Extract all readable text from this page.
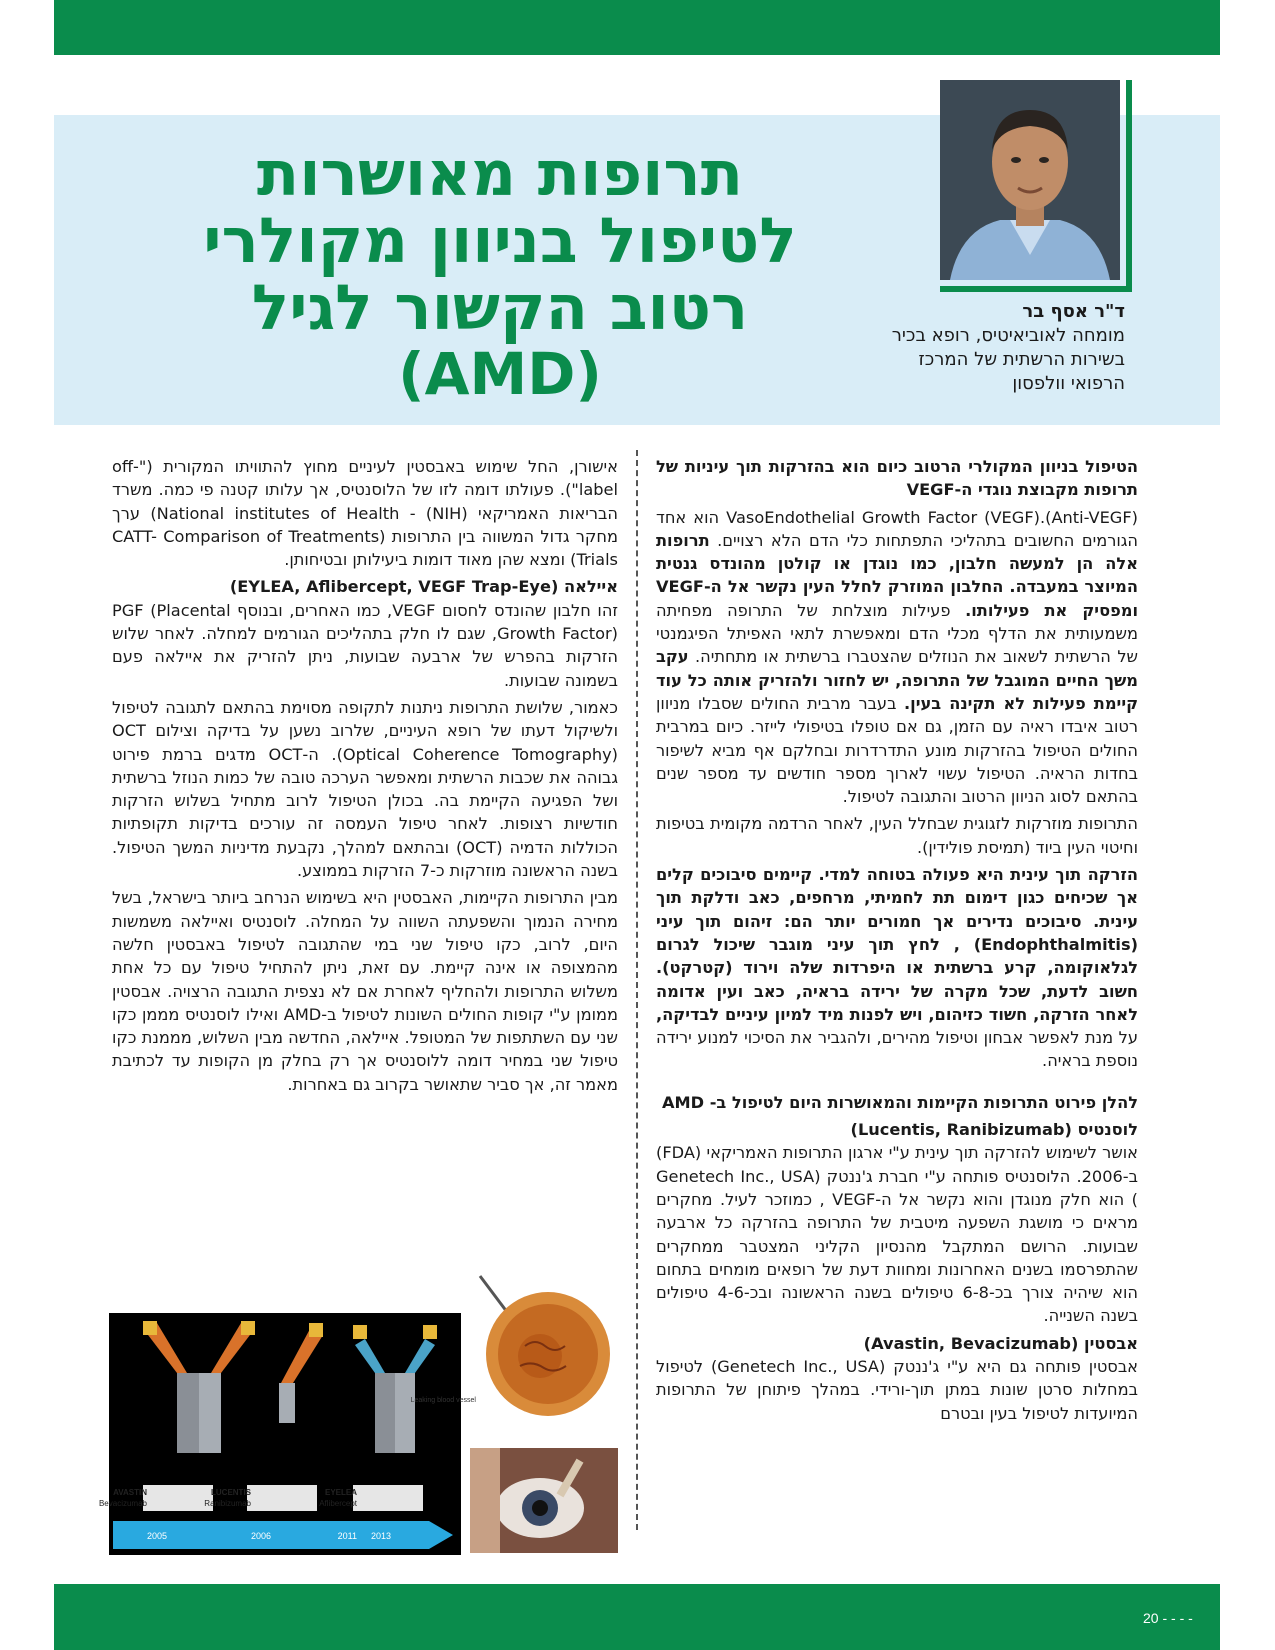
תרופות מאושרות
לטיפול בניוון מקולרי
רטוב הקשור לגיל
(AMD)
ד"ר אסף בר
מומחה לאוביאיטיס, רופא בכיר
בשירות הרשתית של המרכז
הרפואי וולפסון

הטיפול בניוון המקולרי הרטוב כיום הוא בהזרקות תוך עיניות של תרופות מקבוצת נוגדי ה-VEGF

(Anti-VEGF).VasoEndothelial Growth Factor (VEGF) הוא אחד הגורמים החשובים בתהליכי התפתחות כלי הדם הלא רצויים. תרופות אלה הן למעשה חלבון, כמו נוגדן או קולטן מהונדס גנטית המיוצר במעבדה. החלבון המוזרק לחלל העין נקשר אל ה-VEGF ומפסיק את פעילותו. פעילות מוצלחת של התרופה מפחיתה משמעותית את הדלף מכלי הדם ומאפשרת לתאי האפיתל הפיגמנטי של הרשתית לשאוב את הנוזלים שהצטברו ברשתית או מתחתיה. עקב משך החיים המוגבל של התרופה, יש לחזור ולהזריק אותה כל עוד קיימת פעילות לא תקינה בעין. בעבר מרבית החולים שסבלו מניוון רטוב איבדו ראיה עם הזמן, גם אם טופלו בטיפולי לייזר. כיום במרבית החולים הטיפול בהזרקות מונע התדרדרות ובחלקם אף מביא לשיפור בחדות הראיה. הטיפול עשוי לארוך מספר חודשים עד מספר שנים בהתאם לסוג הניוון הרטוב והתגובה לטיפול.

התרופות מוזרקות לזגוגית שבחלל העין, לאחר הרדמה מקומית בטיפות וחיטוי העין ביוד (תמיסת פולידין).

הזרקה תוך עינית היא פעולה בטוחה למדי. קיימים סיבוכים קלים אך שכיחים כגון דימום תת לחמיתי, מרחפים, כאב ודלקת תוך עינית. סיבוכים נדירים אך חמורים יותר הם: זיהום תוך עיני (Endophthalmitis) , לחץ תוך עיני מוגבר שיכול לגרום לגלאוקומה, קרע ברשתית או היפרדות שלה וירוד (קטרקט). חשוב לדעת, שכל מקרה של ירידה בראיה, כאב ועין אדומה לאחר הזרקה, חשוד כזיהום, ויש לפנות מיד למיון עיניים לבדיקה, על מנת לאפשר אבחון וטיפול מהירים, ולהגביר את הסיכוי למנוע ירידה נוספת בראיה.

להלן פירוט התרופות הקיימות והמאושרות היום לטיפול ב- AMD

לוסנטיס (Lucentis, Ranibizumab)

אושר לשימוש להזרקה תוך עינית ע"י ארגון התרופות האמריקאי (FDA) ב-2006. הלוסנטיס פותחה ע"י חברת ג'ננטק (Genetech Inc., USA ) הוא חלק מנוגדן והוא נקשר אל ה-VEGF , כמוזכר לעיל. מחקרים מראים כי מושגת השפעה מיטבית של התרופה בהזרקה כל ארבעה שבועות. הרושם המתקבל מהנסיון הקליני המצטבר ממחקרים שהתפרסמו בשנים האחרונות ומחוות דעת של רופאים מומחים בתחום הוא שיהיה צורך בכ-6-8 טיפולים בשנה הראשונה ובכ-4-6 טיפולים בשנה השנייה.

אבסטין (Avastin, Bevacizumab)

אבסטין פותחה גם היא ע"י ג'ננטק (Genetech Inc., USA) לטיפול במחלות סרטן שונות במתן תוך-ורידי. במהלך פיתוחן של התרופות המיועדות לטיפול בעין ובטרם

אישורן, החל שימוש באבסטין לעיניים מחוץ להתוויתו המקורית ("off- label"). פעולתו דומה לזו של הלוסנטיס, אך עלותו קטנה פי כמה. משרד הבריאות האמריקאי (NIH) - National institutes of Health) ערך מחקר גדול המשווה בין התרופות (CATT- Comparison of Treatments Trials) ומצא שהן מאוד דומות ביעילותן ובטיחותן.

איילאה (EYLEA, Aflibercept, VEGF Trap-Eye)

זהו חלבון שהונדס לחסום VEGF, כמו האחרים, ובנוסף PGF (Placental Growth Factor), שגם לו חלק בתהליכים הגורמים למחלה. לאחר שלוש הזרקות בהפרש של ארבעה שבועות, ניתן להזריק את איילאה פעם בשמונה שבועות.

כאמור, שלושת התרופות ניתנות לתקופה מסוימת בהתאם לתגובה לטיפול ולשיקול דעתו של רופא העיניים, שלרוב נשען על בדיקה וצילום OCT (Optical Coherence Tomography). ה-OCT מדגים ברמת פירוט גבוהה את שכבות הרשתית ומאפשר הערכה טובה של כמות הנוזל ברשתית ושל הפגיעה הקיימת בה. בכולן הטיפול לרוב מתחיל בשלוש הזרקות חודשיות רצופות. לאחר טיפול העמסה זה עורכים בדיקות תקופתיות הכוללות הדמיה (OCT) ובהתאם למהלך, נקבעת מדיניות המשך הטיפול. בשנה הראשונה מוזרקות כ-7 הזרקות בממוצע.

מבין התרופות הקיימות, האבסטין היא בשימוש הנרחב ביותר בישראל, בשל מחירה הנמוך והשפעתה השווה על המחלה. לוסנטיס ואיילאה משמשות היום, לרוב, כקו טיפול שני במי שהתגובה לטיפול באבסטין חלשה מהמצופה או אינה קיימת. עם זאת, ניתן להתחיל טיפול עם כל אחת משלוש התרופות ולהחליף לאחרת אם לא נצפית התגובה הרצויה. אבסטין ממומן ע"י קופות החולים השונות לטיפול ב-AMD ואילו לוסנטיס מממן כקו שני עם השתתפות של המטופל. איילאה, החדשה מבין השלוש, מממנת כקו טיפול שני במחיר דומה ללוסנטיס אך רק בחלק מן הקופות עד לכתיבת מאמר זה, אך סביר שתאושר בקרוב גם באחרות.

AVASTIN
Bevacizumab
LUCENTIS
Ranibizumab
EYELEA
Aflibercept
2005	2006	2011 2013
Leaking blood vessel
20 - - - -
